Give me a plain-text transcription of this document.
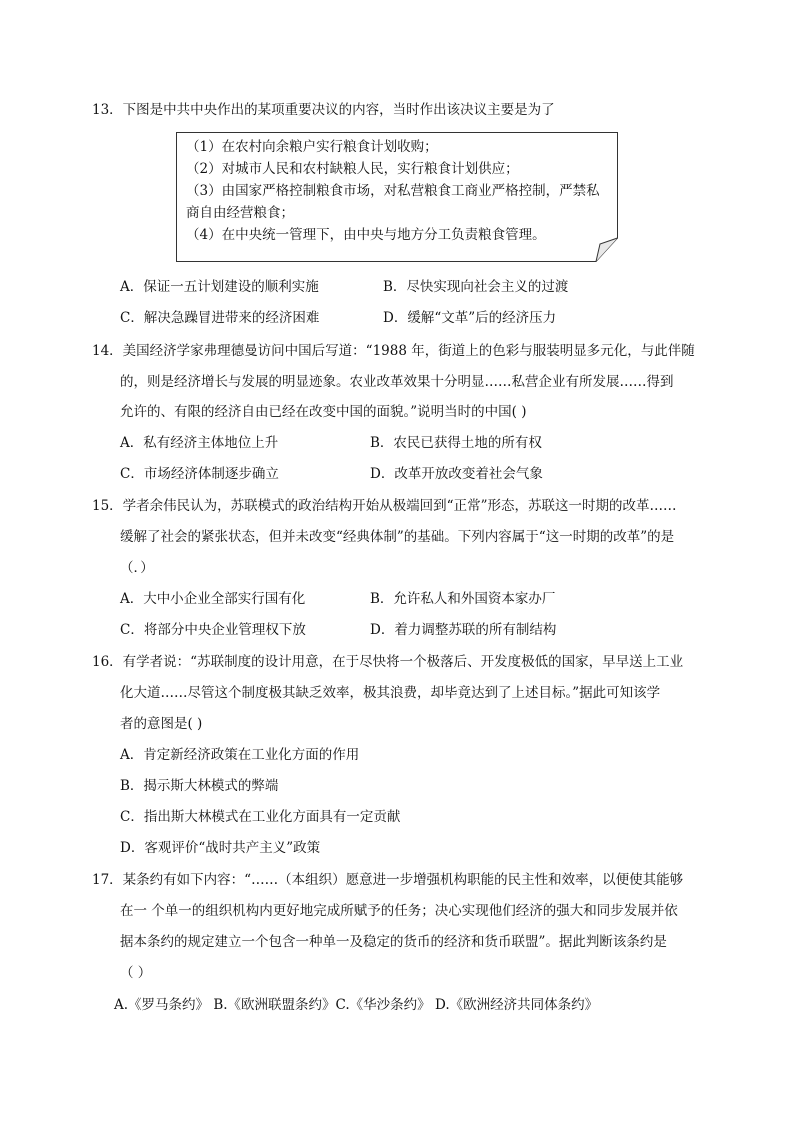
13．下图是中共中央作出的某项重要决议的内容，当时作出该决议主要是为了
（1）在农村向余粮户实行粮食计划收购；
（2）对城市人民和农村缺粮人民，实行粮食计划供应；
（3）由国家严格控制粮食市场，对私营粮食工商业严格控制，严禁私
商自由经营粮食；
（4）在中央统一管理下，由中央与地方分工负责粮食管理。
A．保证一五计划建设的顺利实施	B．尽快实现向社会主义的过渡
C．解决急躁冒进带来的经济困难	D．缓解“文革”后的经济压力
14．美国经济学家弗理德曼访问中国后写道：“1988 年，街道上的色彩与服装明显多元化，与此伴随
的，则是经济增长与发展的明显迹象。农业改革效果十分明显……私营企业有所发展……得到
允许的、有限的经济自由已经在改变中国的面貌。”说明当时的中国( )
A．私有经济主体地位上升	B．农民已获得土地的所有权
C．市场经济体制逐步确立	D．改革开放改变着社会气象
15．学者余伟民认为，苏联模式的政治结构开始从极端回到“正常”形态，苏联这一时期的改革……
缓解了社会的紧张状态，但并未改变“经典体制”的基础。下列内容属于“这一时期的改革”的是
（．）
A．大中小企业全部实行国有化	B．允许私人和外国资本家办厂
C．将部分中央企业管理权下放	D．着力调整苏联的所有制结构
16．有学者说：“苏联制度的设计用意，在于尽快将一个极落后、开发度极低的国家，早早送上工业
化大道……尽管这个制度极其缺乏效率，极其浪费，却毕竟达到了上述目标。”据此可知该学
者的意图是( )
A．肯定新经济政策在工业化方面的作用
B．揭示斯大林模式的弊端
C．指出斯大林模式在工业化方面具有一定贡献
D．客观评价“战时共产主义”政策
17．某条约有如下内容：“……（本组织）愿意进一步增强机构职能的民主性和效率，以便使其能够
在一 个单一的组织机构内更好地完成所赋予的任务；决心实现他们经济的强大和同步发展并依
据本条约的规定建立一个包含一种单一及稳定的货币的经济和货币联盟”。据此判断该条约是
（ ）
A.《罗马条约》 B.《欧洲联盟条约》C.《华沙条约》 D.《欧洲经济共同体条约》
